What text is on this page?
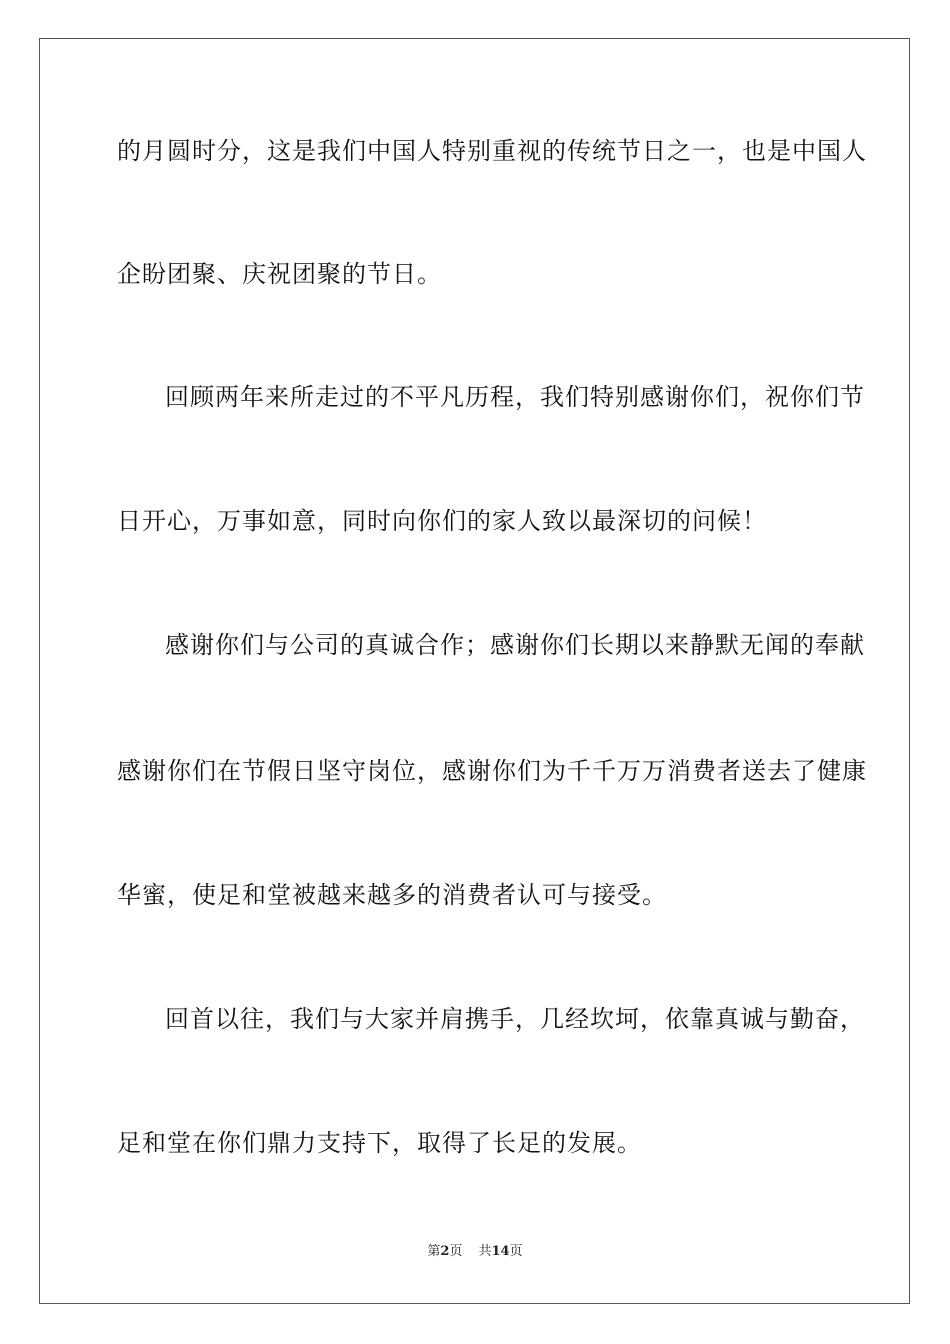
的月圆时分，这是我们中国人特别重视的传统节日之一，也是中国人
企盼团聚、庆祝团聚的节日。
回顾两年来所走过的不平凡历程，我们特别感谢你们，祝你们节
日开心，万事如意，同时向你们的家人致以最深切的问候！
感谢你们与公司的真诚合作；感谢你们长期以来静默无闻的奉献
感谢你们在节假日坚守岗位，感谢你们为千千万万消费者送去了健康
华蜜，使足和堂被越来越多的消费者认可与接受。
回首以往，我们与大家并肩携手，几经坎坷，依靠真诚与勤奋，
足和堂在你们鼎力支持下，取得了长足的发展。
第2页 共14页
